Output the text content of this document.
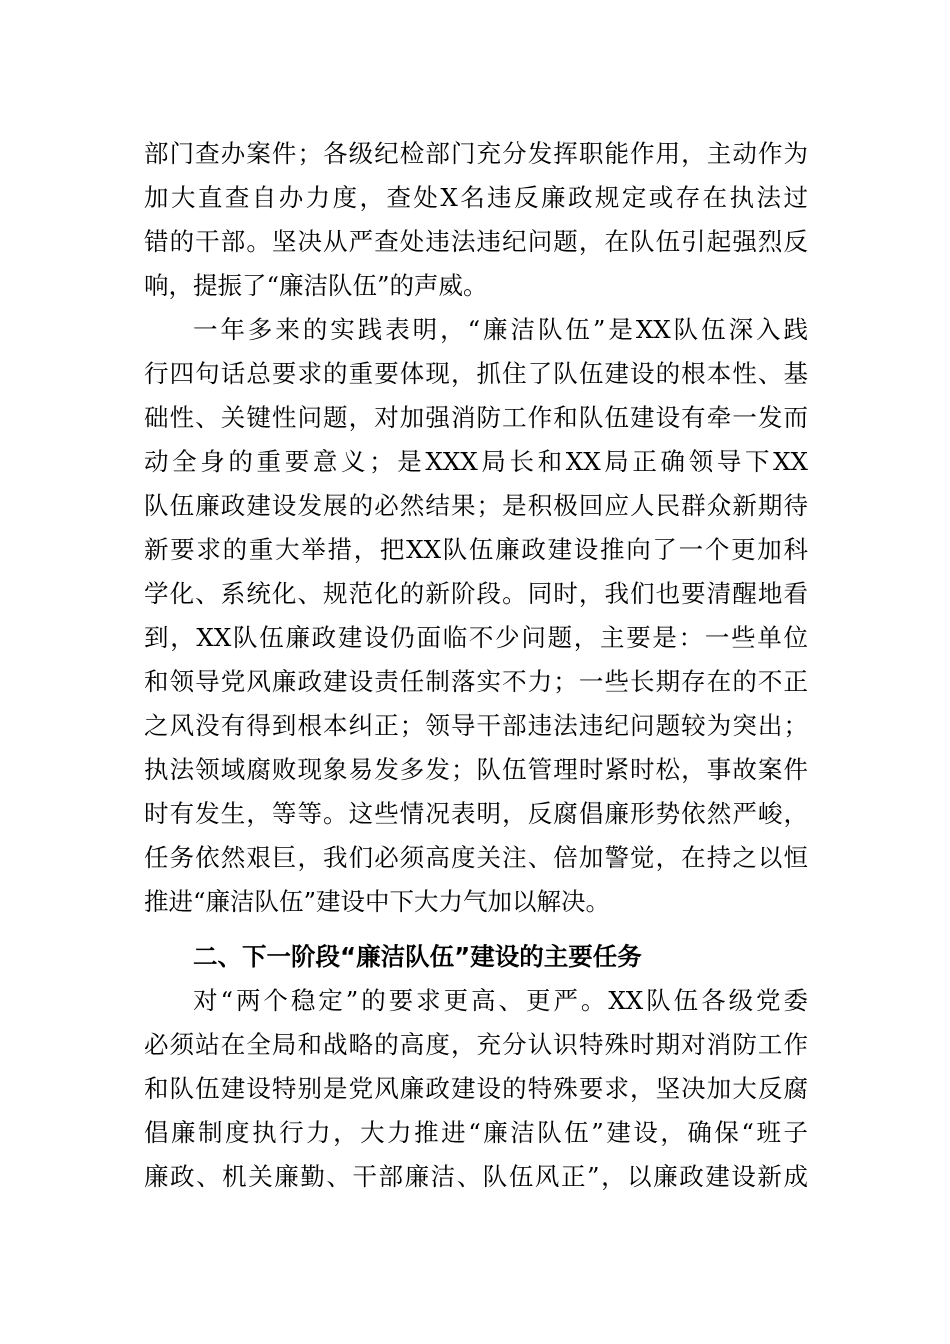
部门查办案件；各级纪检部门充分发挥职能作用，主动作为
加大直查自办力度，查处X名违反廉政规定或存在执法过
错的干部。坚决从严查处违法违纪问题，在队伍引起强烈反
响，提振了“廉洁队伍”的声威。
一年多来的实践表明，“廉洁队伍”是XX队伍深入践
行四句话总要求的重要体现，抓住了队伍建设的根本性、基
础性、关键性问题，对加强消防工作和队伍建设有牵一发而
动全身的重要意义；是XXX局长和XX局正确领导下XX
队伍廉政建设发展的必然结果；是积极回应人民群众新期待
新要求的重大举措，把XX队伍廉政建设推向了一个更加科
学化、系统化、规范化的新阶段。同时，我们也要清醒地看
到，XX队伍廉政建设仍面临不少问题，主要是：一些单位
和领导党风廉政建设责任制落实不力；一些长期存在的不正
之风没有得到根本纠正；领导干部违法违纪问题较为突出；
执法领域腐败现象易发多发；队伍管理时紧时松，事故案件
时有发生，等等。这些情况表明，反腐倡廉形势依然严峻，
任务依然艰巨，我们必须高度关注、倍加警觉，在持之以恒
推进“廉洁队伍”建设中下大力气加以解决。
二、下一阶段“廉洁队伍”建设的主要任务
对“两个稳定”的要求更高、更严。XX队伍各级党委
必须站在全局和战略的高度，充分认识特殊时期对消防工作
和队伍建设特别是党风廉政建设的特殊要求，坚决加大反腐
倡廉制度执行力，大力推进“廉洁队伍”建设，确保“班子
廉政、机关廉勤、干部廉洁、队伍风正”，以廉政建设新成
